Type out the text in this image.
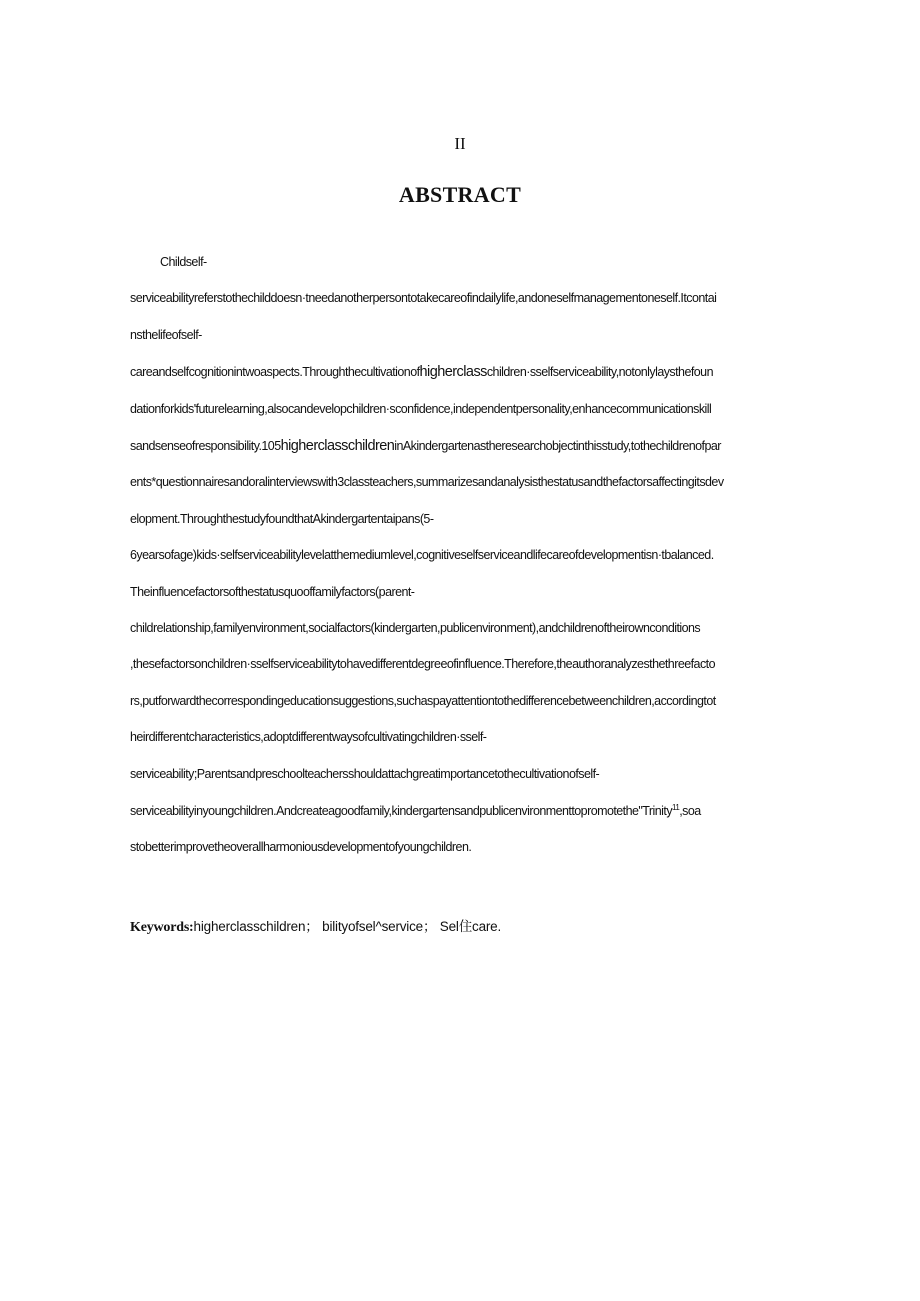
II
ABSTRACT
Childself-
serviceabilityreferstothechilddoesn·tneedanotherpersontotakecareofindailylife,andoneselfmanagementoneself.Itcontai
nsthelifeofself-
careandselfcognitionintwoaspects.Throughthecultivationofhigherclasschildren·sselfserviceability,notonlylaysthefoun
dationforkids'futurelearning,alsocandevelopchildren·sconfidence,independentpersonality,enhancecommunicationskill
sandsenseofresponsibility.105higherclasschildreninAkindergartenastheresearchobjectinthisstudy,tothechildrenofpar
ents*questionnairesandoralinterviewswith3classteachers,summarizesandanalysisthestatusandthefactorsaffectingitsdev
elopment.ThroughthestudyfoundthatAkindergartentaipans(5-
6yearsofage)kids·selfserviceabilitylevelatthemediumlevel,cognitiveselfserviceandlifecareofdevelopmentisn·tbalanced.
Theinfluencefactorsofthestatusquooffamilyfactors(parent-
childrelationship,familyenvironment,socialfactors(kindergarten,publicenvironment),andchildrenoftheirownconditions
,thesefactorsonchildren·sselfserviceabilitytohavedifferentdegreeofinfluence.Therefore,theauthoranalyzesthethreefacto
rs,putforwardthecorrespondingeducationsuggestions,suchaspayattentiontothedifferencebetweenchildren,accordingtot
heirdifferentcharacteristics,adoptdifferentwaysofcultivatingchildren·sself-
serviceability;Parentsandpreschoolteachersshouldattachgreatimportancetothecultivationofself-
serviceabilityinyoungchildren.Andcreateagoodfamily,kindergartensandpublicenvironmenttopromotethe"Trinity$^{11}$,soa
stobetterimprovetheoverallharmoniousdevelopmentofyoungchildren.
Keywords:higherclasschildren； bilityofsel^service； Sel住care.
